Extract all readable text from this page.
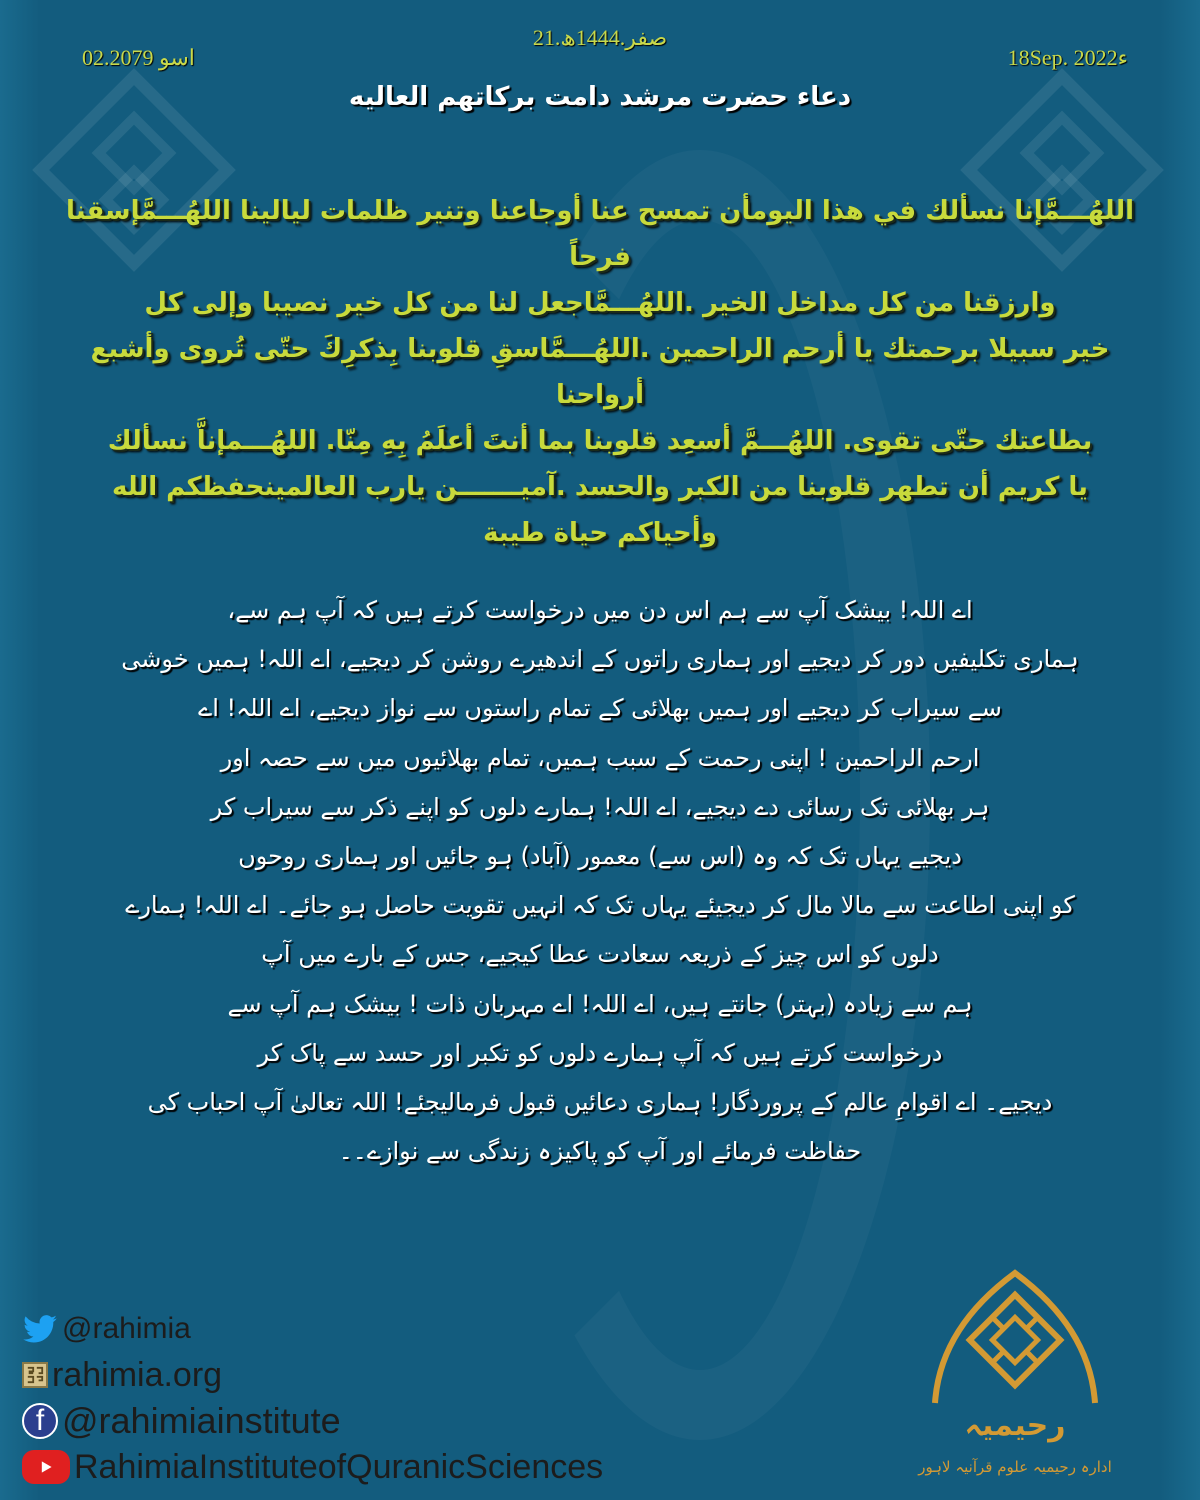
21.صفر.1444ھ
02.اسو 2079	18Sep. 2022ء
دعاء حضرت مرشد دامت برکاتهم العالیه
اللهُـــمَّإنا نسألك في هذا اليومأن تمسح عنا أوجاعنا وتنير ظلمات ليالينا اللهُـــمَّإسقنا فرحاً
وارزقنا من كل مداخل الخير .اللهُـــمَّاجعل لنا من كل خير نصيبا وإلى كل
خير سبيلا برحمتك يا أرحم الراحمين .اللهُـــمَّاسقِ قلوبنا بِذكرِكَ حتّى تُروى وأشبع أرواحنا
بطاعتك حتّى تقوى. اللهُـــمَّ أسعِد قلوبنا بما أنتَ أعلَمُ بِهِ مِنّا. اللهُـــمإناَّ نسألك
يا كريم أن تطهر قلوبنا من الكبر والحسد .آميـــــــن يارب العالمينحفظكم الله
وأحياكم حياة طيبة
اے اللہ! بیشک آپ سے ہم اس دن میں درخواست کرتے ہیں کہ آپ ہم سے،
ہماری تکلیفیں دور کر دیجیے اور ہماری راتوں کے اندھیرے روشن کر دیجیے، اے اللہ! ہمیں خوشی
سے سیراب کر دیجیے اور ہمیں بھلائی کے تمام راستوں سے نواز دیجیے، اے اللہ! اے
ارحم الراحمین ! اپنی رحمت کے سبب ہمیں، تمام بھلائیوں میں سے حصہ اور
ہر بھلائی تک رسائی دے دیجیے، اے اللہ! ہمارے دلوں کو اپنے ذکر سے سیراب کر
دیجیے یہاں تک کہ وہ (اس سے) معمور (آباد) ہو جائیں اور ہماری روحوں
کو اپنی اطاعت سے مالا مال کر دیجیئے یہاں تک کہ انہیں تقویت حاصل ہو جائے۔ اے اللہ! ہمارے
دلوں کو اس چیز کے ذریعہ سعادت عطا کیجیے، جس کے بارے میں آپ
ہم سے زیادہ (بہتر) جانتے ہیں، اے اللہ! اے مہربان ذات ! بیشک ہم آپ سے
درخواست کرتے ہیں کہ آپ ہمارے دلوں کو تکبر اور حسد سے پاک کر
دیجیے۔ اے اقوامِ عالم کے پروردگار! ہماری دعائیں قبول فرمالیجئے! اللہ تعالیٰ آپ احباب کی
حفاظت فرمائے اور آپ کو پاکیزہ زندگی سے نوازے۔۔
@rahimia
rahimia.org
f @rahimiainstitute
RahimiaInstituteofQuranicSciences
رحیمیہ
ادارہ رحیمیہ علوم قرآنیہ لاہور
